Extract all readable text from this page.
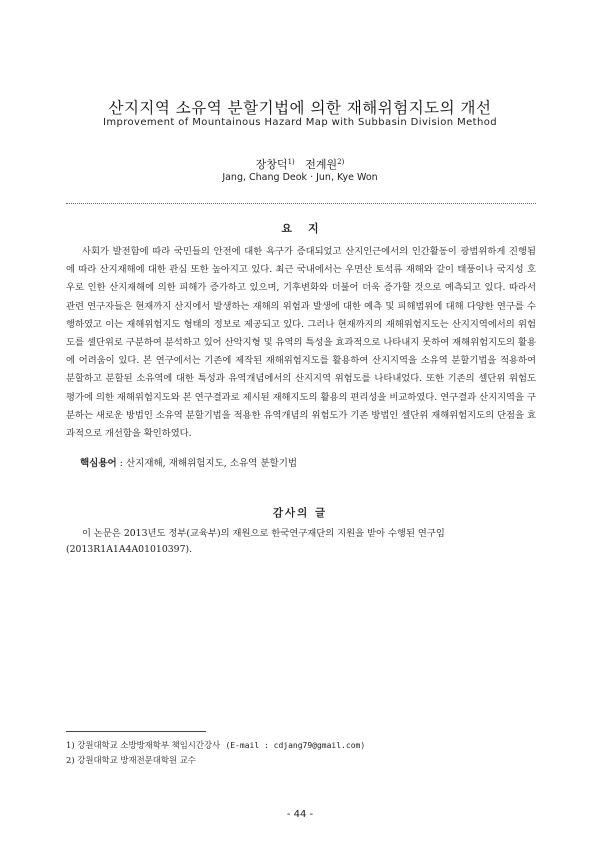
산지지역 소유역 분할기법에 의한 재해위험지도의 개선
Improvement of Mountainous Hazard Map with Subbasin Division Method
장창덕$^{1)}$ 전계원$^{2)}$
Jang, Chang Deok · Jun, Kye Won
요지
사회가 발전함에 따라 국민들의 안전에 대한 욕구가 증대되었고 산지인근에서의 인간활동이 광범위하게 진행됨에 따라 산지재해에 대한 관심 또한 높아지고 있다. 최근 국내에서는 우면산 토석류 재해와 같이 태풍이나 국지성 호우로 인한 산지재해에 의한 피해가 증가하고 있으며, 기후변화와 더불어 더욱 증가할 것으로 예측되고 있다. 따라서 관련 연구자들은 현재까지 산지에서 발생하는 재해의 위험과 발생에 대한 예측 및 피해범위에 대해 다양한 연구를 수행하였고 이는 재해위험지도 형태의 정보로 제공되고 있다. 그러나 현재까지의 재해위험지도는 산지지역에서의 위험도를 셀단위로 구분하여 분석하고 있어 산악지형 및 유역의 특성을 효과적으로 나타내지 못하여 재해위험지도의 활용에 어려움이 있다. 본 연구에서는 기존에 제작된 재해위험지도를 활용하여 산지지역을 소유역 분할기법을 적용하여 분할하고 분할된 소유역에 대한 특성과 유역개념에서의 산지지역 위험도를 나타내었다. 또한 기존의 셀단위 위험도 평가에 의한 재해위험지도와 본 연구결과로 제시된 재해지도의 활용의 편리성을 비교하였다. 연구결과 산지지역을 구분하는 새로운 방법인 소유역 분할기법을 적용한 유역개념의 위험도가 기존 방법인 셀단위 재해위험지도의 단점을 효과적으로 개선함을 확인하였다.
핵심용어 : 산지재해, 재해위험지도, 소유역 분할기법
감사의 글
이 논문은 2013년도 정부(교육부)의 재원으로 한국연구재단의 지원을 받아 수행된 연구임(2013R1A1A4A01010397).
1) 강원대학교 소방방재학부 책임시간강사 (E-mail : cdjang79@gmail.com)
2) 강원대학교 방재전문대학원 교수
- 44 -
